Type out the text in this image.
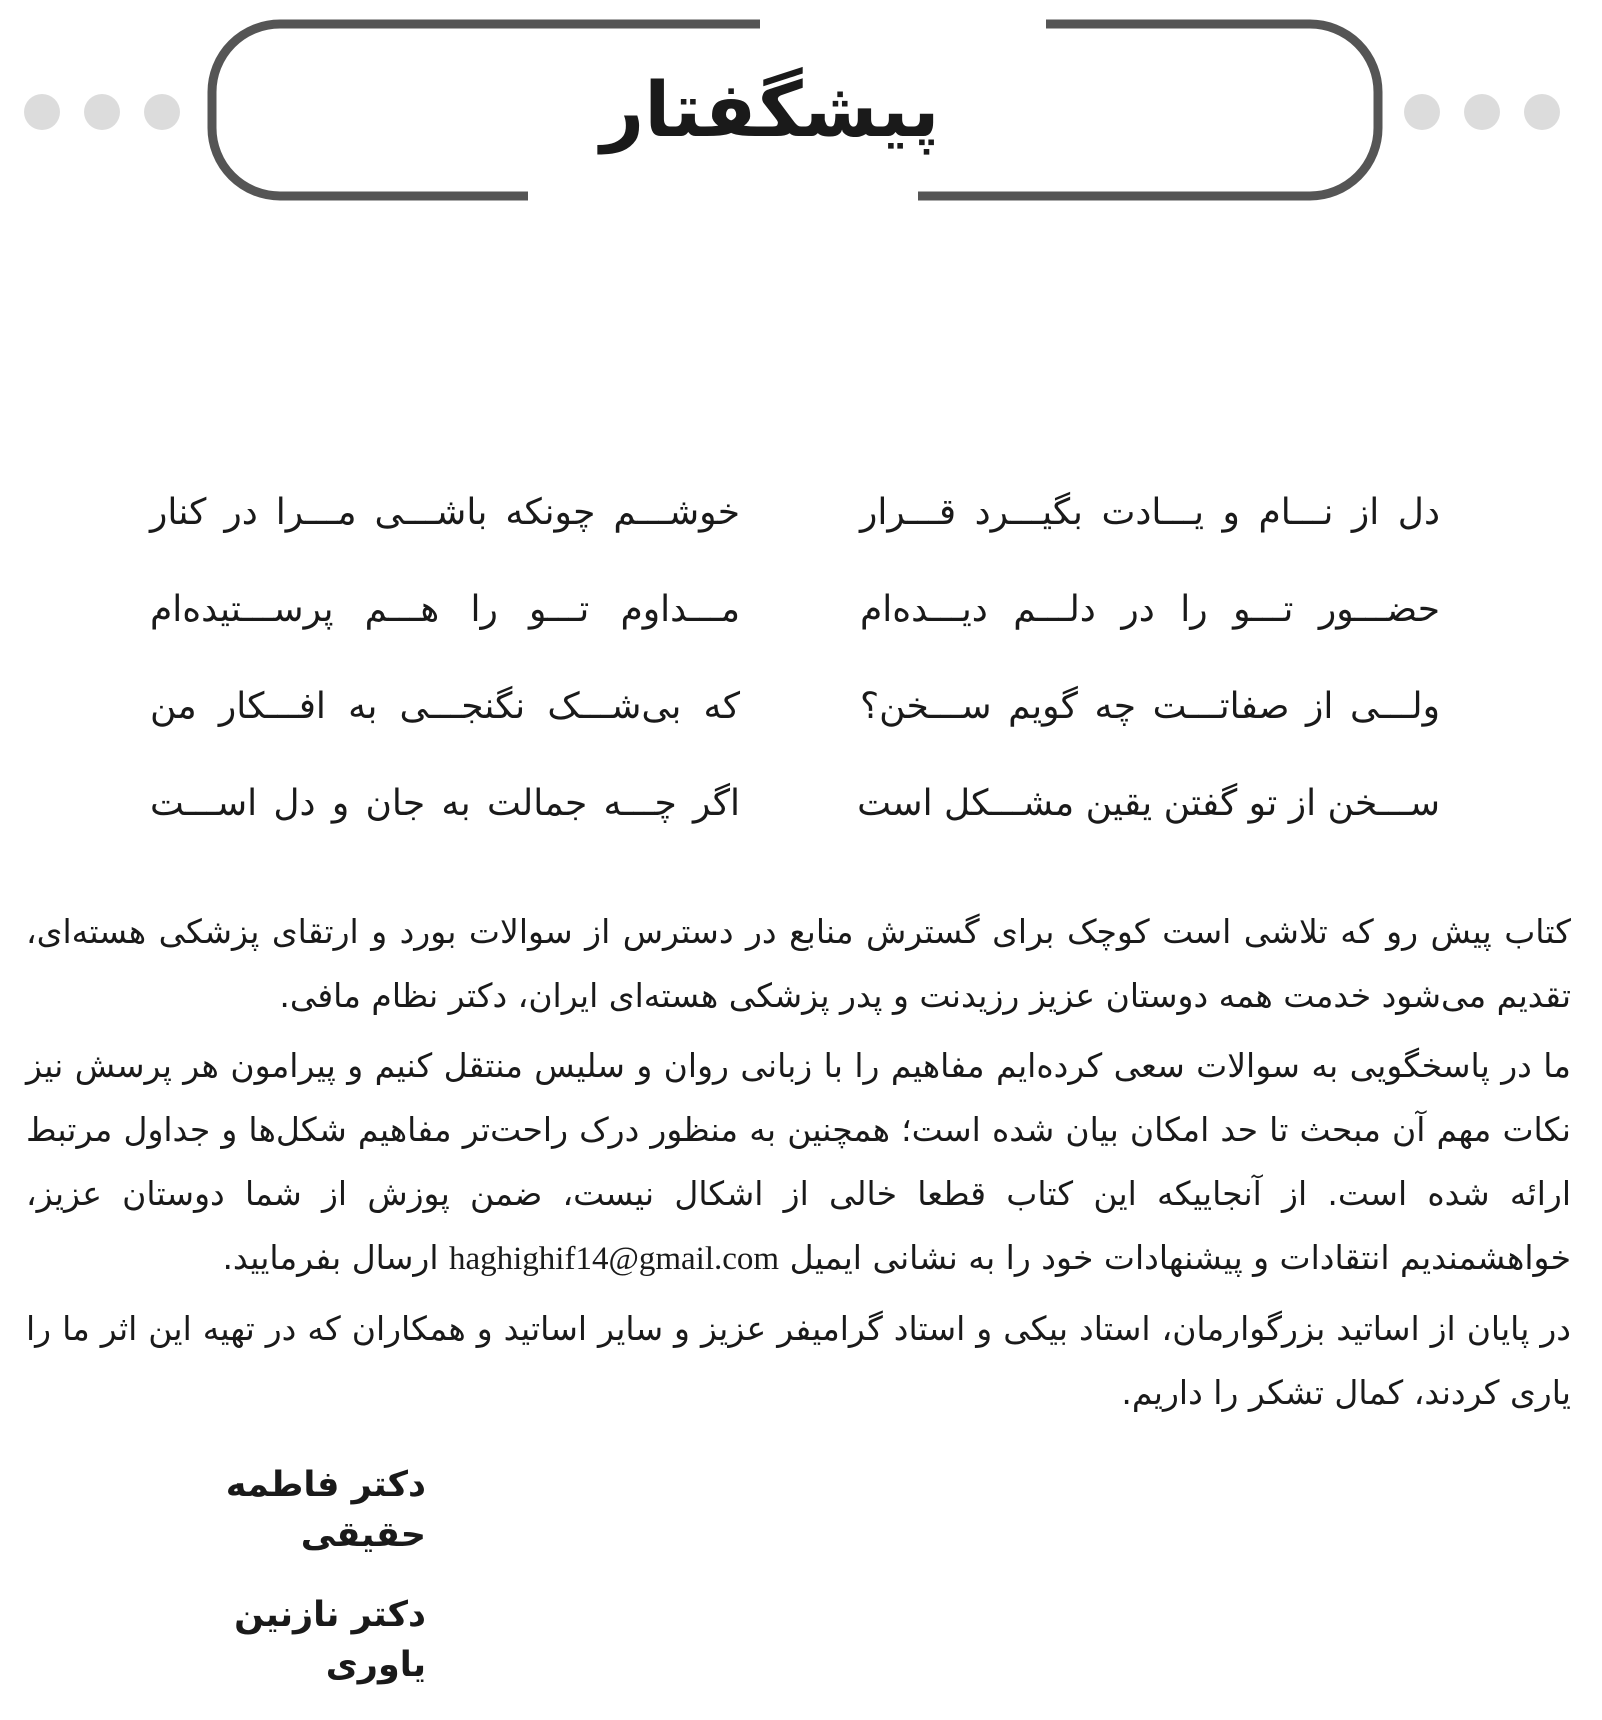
پیشگفتار
دل از نـــام و یـــادت بگیـــرد قـــرار
خوشـــم چونکه باشـــی مـــرا در کنار
حضـــور تـــو را در دلـــم دیـــده‌ام
مـــداوم تـــو را هـــم پرســـتیده‌ام
ولـــی از صفاتـــت چه گویم ســـخن؟
که بی‌شـــک نگنجـــی به افـــکار من
ســـخن از تو گفتن یقین مشـــکل است
اگر چـــه جمالت به جان و دل اســـت

کتاب پیش رو که تلاشی است کوچک برای گسترش منابع در دسترس از سوالات بورد و ارتقای پزشکی هسته‌ای، تقدیم می‌شود خدمت همه دوستان عزیز رزیدنت و پدر پزشکی هسته‌ای ایران، دکتر نظام مافی.

ما در پاسخگویی به سوالات سعی کرده‌ایم مفاهیم را با زبانی روان و سلیس منتقل کنیم و پیرامون هر پرسش نیز نکات مهم آن مبحث تا حد امکان بیان شده است؛ همچنین به منظور درک راحت‌تر مفاهیم شکل‌ها و جداول مرتبط ارائه شده است. از آنجاییکه این کتاب قطعا خالی از اشکال نیست، ضمن پوزش از شما دوستان عزیز، خواهشمندیم انتقادات و پیشنهادات خود را به نشانی ایمیل haghighif14@gmail.com ارسال بفرمایید.

در پایان از اساتید بزرگوارمان، استاد بیکی و استاد گرامیفر عزیز و سایر اساتید و همکاران که در تهیه این اثر ما را یاری کردند، کمال تشکر را داریم.

دکتر فاطمه حقیقی
دکتر نازنین یاوری
